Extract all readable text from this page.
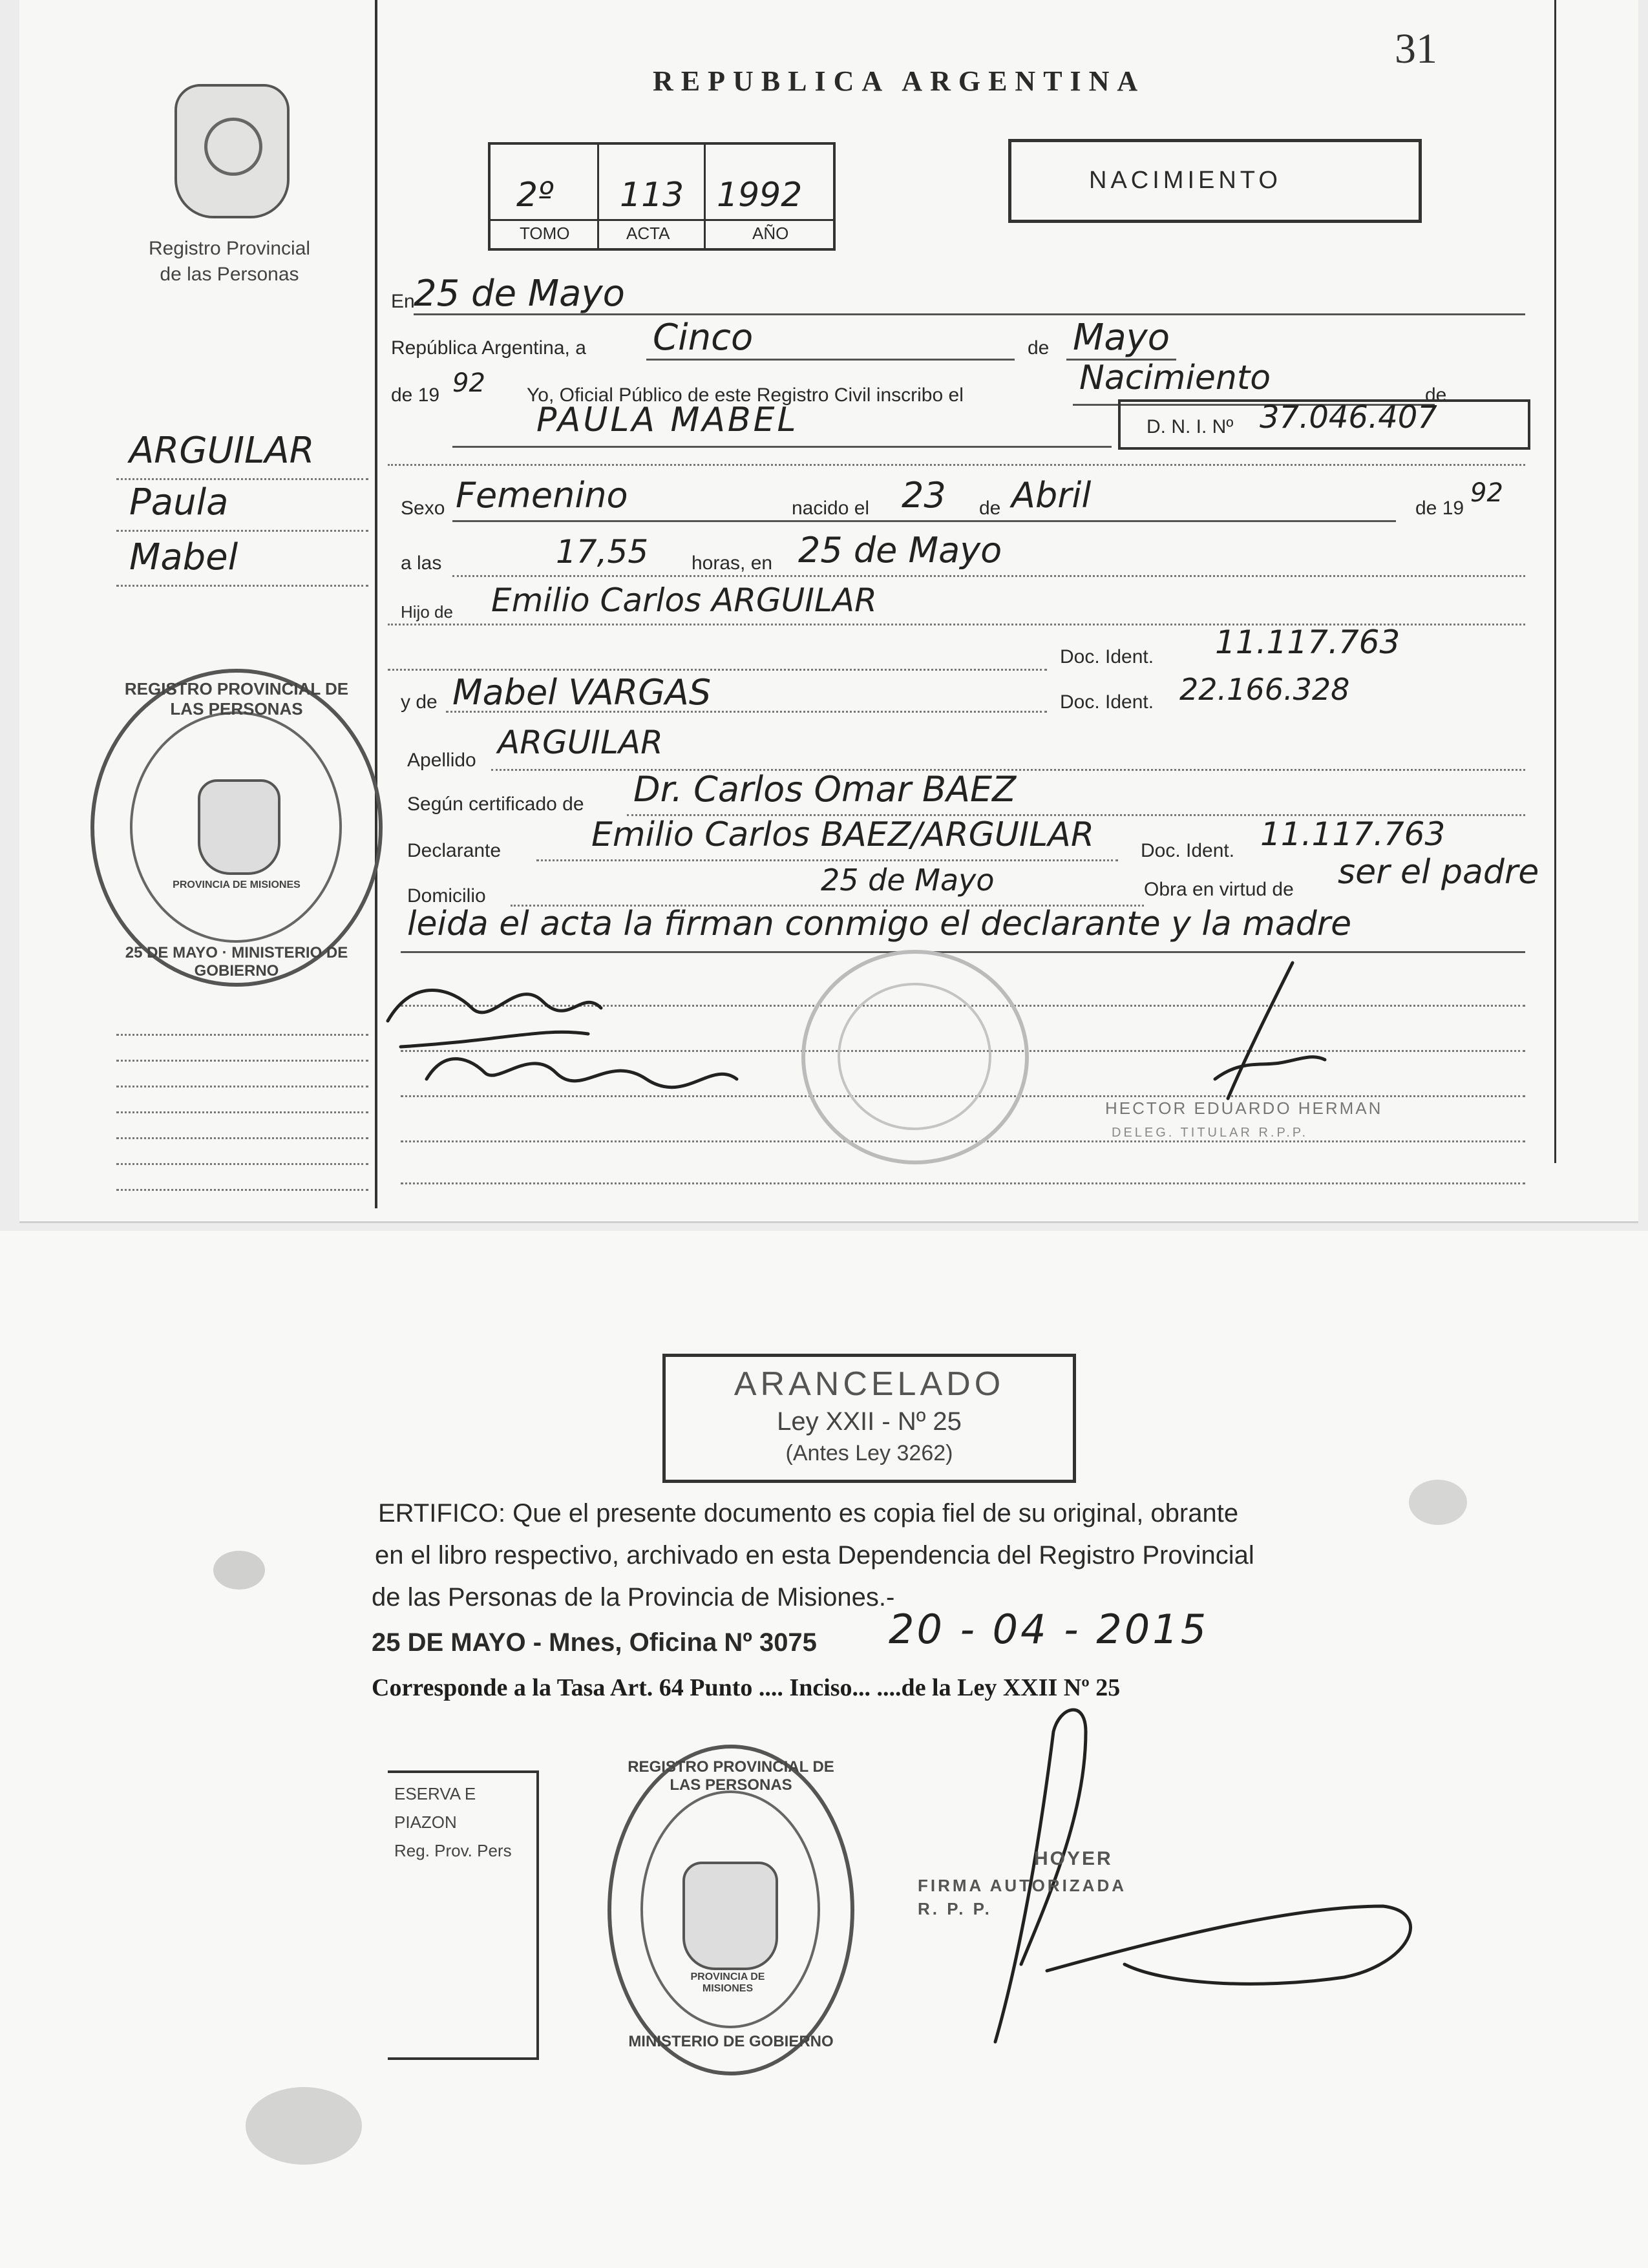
31
REPUBLICA ARGENTINA
2º 113 1992
TOMO	ACTA	AÑO
NACIMIENTO
Registro Provincial
de las Personas
ARGUILAR
Paula
Mabel
REGISTRO PROVINCIAL DE LAS PERSONAS
25 DE MAYO · MINISTERIO DE GOBIERNO
PROVINCIA DE MISIONES
En
25 de Mayo
República Argentina, a Cinco	de Mayo
de 19 92 Yo, Oficial Público de este Registro Civil inscribo el	Nacimiento	de
PAULA MABEL	D. N. I. Nº 37.046.407
Sexo Femenino	nacido el 23 de Abril	de 19
92
a las	17,55 horas, en 25 de Mayo
Hijo de Emilio Carlos ARGUILAR
Doc. Ident. 11.117.763
y de Mabel VARGAS	Doc. Ident. 22.166.328
Apellido ARGUILAR
Según certificado de Dr. Carlos Omar BAEZ
Declarante	Emilio Carlos BAEZ/ARGUILAR Doc. Ident. 11.117.763
Domicilio	25 de Mayo	Obra en virtud de ser el padre
leida el acta la firman conmigo el declarante y la madre
HECTOR EDUARDO HERMAN
DELEG. TITULAR R.P.P.
ARANCELADO
Ley XXII - Nº 25
(Antes Ley 3262)
ERTIFICO: Que el presente documento es copia fiel de su original, obrante
en el libro respectivo, archivado en esta Dependencia del Registro Provincial
de las Personas de la Provincia de Misiones.-
25 DE MAYO - Mnes, Oficina Nº 3075 20 - 04 - 2015
Corresponde a la Tasa Art. 64 Punto .... Inciso... ....de la Ley XXII Nº 25
ESERVA E
PIAZON
Reg. Prov. Pers
REGISTRO PROVINCIAL DE LAS PERSONAS
MINISTERIO DE GOBIERNO
PROVINCIA DE MISIONES
HOYER
FIRMA AUTORIZADA
R. P. P.
